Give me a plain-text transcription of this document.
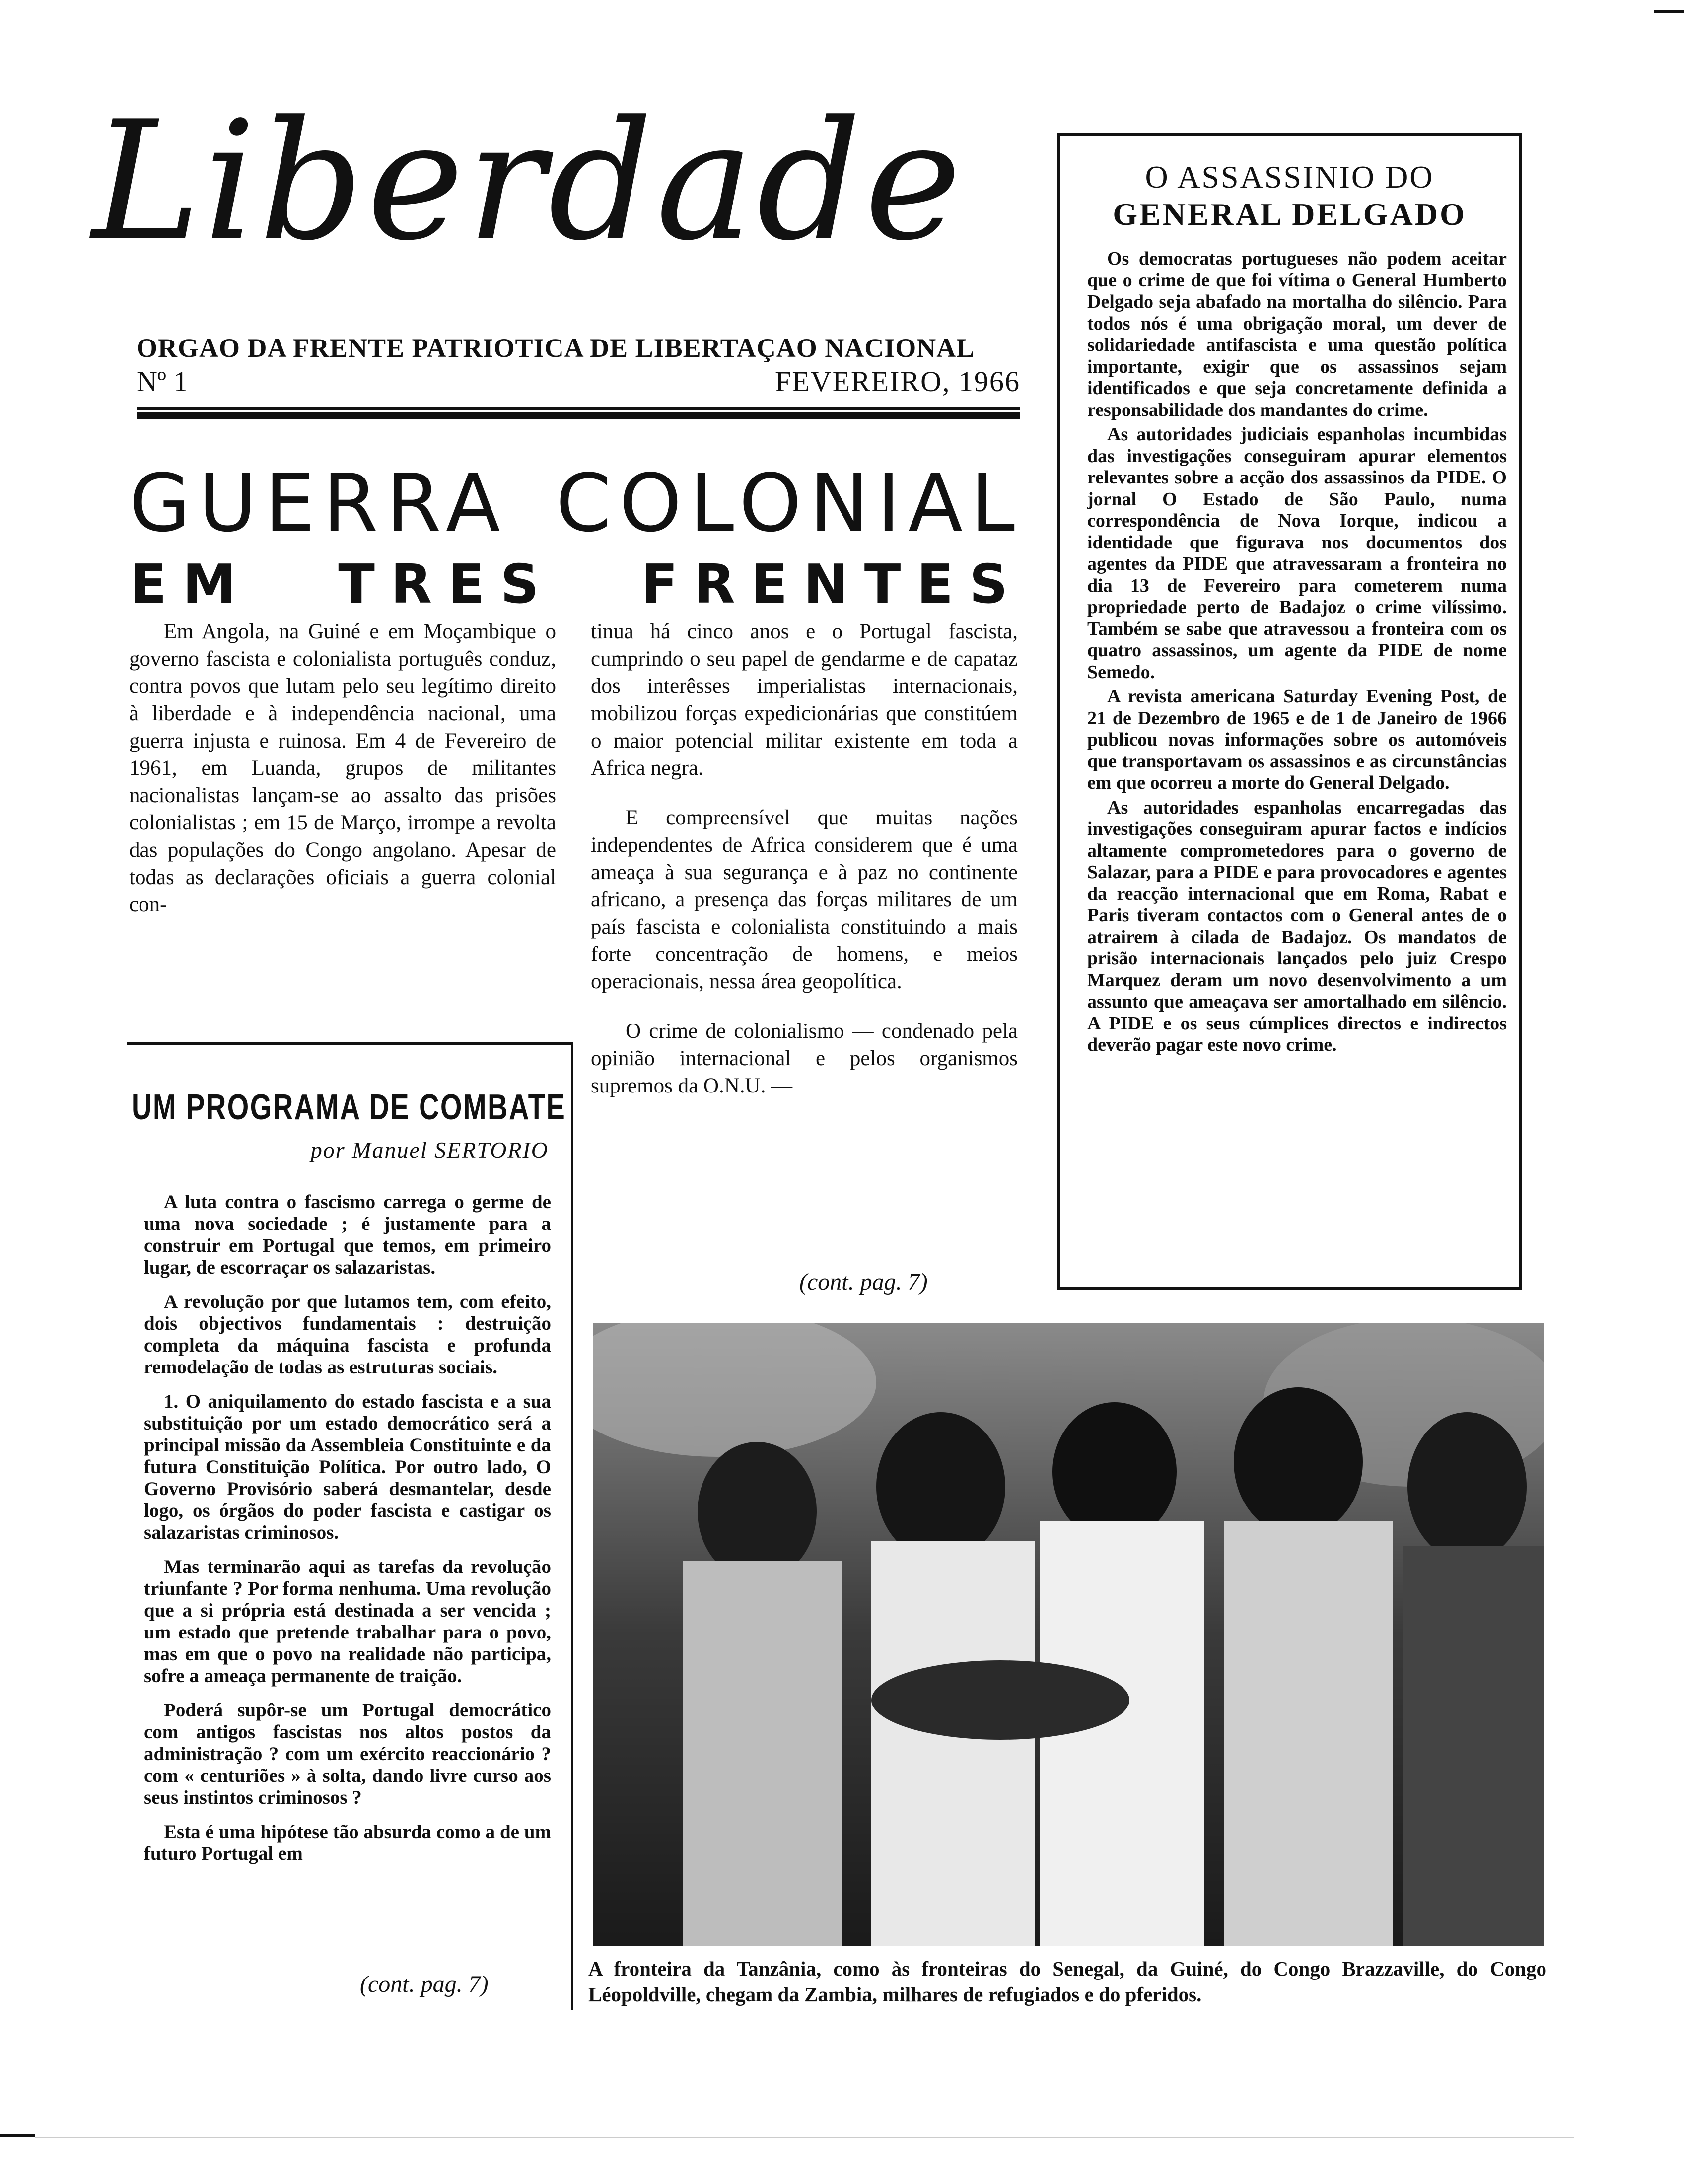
Liberdade
ORGAO DA FRENTE PATRIOTICA DE LIBERTAÇAO NACIONAL
Nº 1	FEVEREIRO, 1966
GUERRA COLONIAL
EM TRES FRENTES

Em Angola, na Guiné e em Moçambique o governo fascista e colonialista português conduz, contra povos que lutam pelo seu legítimo direito à liberdade e à independência nacional, uma guerra injusta e ruinosa. Em 4 de Fevereiro de 1961, em Luanda, grupos de militantes nacionalistas lançam-se ao assalto das prisões colonialistas ; em 15 de Março, irrompe a revolta das populações do Congo angolano. Apesar de todas as declarações oficiais a guerra colonial con-

tinua há cinco anos e o Portugal fascista, cumprindo o seu papel de gendarme e de capataz dos interêsses imperialistas internacionais, mobilizou forças expedicionárias que constitúem o maior potencial militar existente em toda a Africa negra.

E compreensível que muitas nações independentes de Africa considerem que é uma ameaça à sua segurança e à paz no continente africano, a presença das forças militares de um país fascista e colonialista constituindo a mais forte concentração de homens, e meios operacionais, nessa área geopolítica.

O crime de colonialismo — condenado pela opinião internacional e pelos organismos supremos da O.N.U. —

(cont. pag. 7)
UM PROGRAMA DE COMBATE
por Manuel SERTORIO

A luta contra o fascismo carrega o germe de uma nova sociedade ; é justamente para a construir em Portugal que temos, em primeiro lugar, de escorraçar os salazaristas.

A revolução por que lutamos tem, com efeito, dois objectivos fundamentais : destruição completa da máquina fascista e profunda remodelação de todas as estruturas sociais.

1. O aniquilamento do estado fascista e a sua substituição por um estado democrático será a principal missão da Assembleia Constituinte e da futura Constituição Política. Por outro lado, O Governo Provisório saberá desmantelar, desde logo, os órgãos do poder fascista e castigar os salazaristas criminosos.

Mas terminarão aqui as tarefas da revolução triunfante ? Por forma nenhuma. Uma revolução que a si própria está destinada a ser vencida ; um estado que pretende trabalhar para o povo, mas em que o povo na realidade não participa, sofre a ameaça permanente de traição.

Poderá supôr-se um Portugal democrático com antigos fascistas nos altos postos da administração ? com um exército reaccionário ? com « centuriões » à solta, dando livre curso aos seus instintos criminosos ?

Esta é uma hipótese tão absurda como a de um futuro Portugal em

(cont. pag. 7)
O ASSASSINIO DO
GENERAL DELGADO

Os democratas portugueses não podem aceitar que o crime de que foi vítima o General Humberto Delgado seja abafado na mortalha do silêncio. Para todos nós é uma obrigação moral, um dever de solidariedade antifascista e uma questão política importante, exigir que os assassinos sejam identificados e que seja concretamente definida a responsabilidade dos mandantes do crime.

As autoridades judiciais espanholas incumbidas das investigações conseguiram apurar elementos relevantes sobre a acção dos assassinos da PIDE. O jornal O Estado de São Paulo, numa correspondência de Nova Iorque, indicou a identidade que figurava nos documentos dos agentes da PIDE que atravessaram a fronteira no dia 13 de Fevereiro para cometerem numa propriedade perto de Badajoz o crime vilíssimo. Também se sabe que atravessou a fronteira com os quatro assassinos, um agente da PIDE de nome Semedo.

A revista americana Saturday Evening Post, de 21 de Dezembro de 1965 e de 1 de Janeiro de 1966 publicou novas informações sobre os automóveis que transportavam os assassinos e as circunstâncias em que ocorreu a morte do General Delgado.

As autoridades espanholas encarregadas das investigações conseguiram apurar factos e indícios altamente comprometedores para o governo de Salazar, para a PIDE e para provocadores e agentes da reacção internacional que em Roma, Rabat e Paris tiveram contactos com o General antes de o atrairem à cilada de Badajoz. Os mandatos de prisão internacionais lançados pelo juiz Crespo Marquez deram um novo desenvolvimento a um assunto que ameaçava ser amortalhado em silêncio. A PIDE e os seus cúmplices directos e indirectos deverão pagar este novo crime.

A fronteira da Tanzânia, como às fronteiras do Senegal, da Guiné, do Congo Brazzaville, do Congo Léopoldville, chegam da Zambia, milhares de refugiados e do pferidos.
